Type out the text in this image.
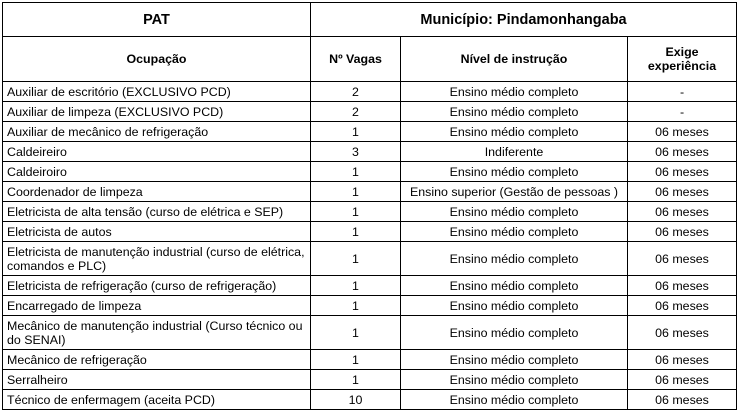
PAT	Município: Pindamonhangaba		
Ocupação	Nº Vagas	Nível de instrução	Exige experiência
Auxiliar de escritório (EXCLUSIVO PCD)	2	Ensino médio completo	-
Auxiliar de limpeza (EXCLUSIVO PCD)	2	Ensino médio completo	-
Auxiliar de mecânico de refrigeração	1	Ensino médio completo	06 meses
Caldeireiro	3	Indiferente	06 meses
Caldeiroiro	1	Ensino médio completo	06 meses
Coordenador de limpeza	1	Ensino superior (Gestão de pessoas )	06 meses
Eletricista de alta tensão (curso de elétrica e SEP)	1	Ensino médio completo	06 meses
Eletricista de autos	1	Ensino médio completo	06 meses
Eletricista de manutenção industrial (curso de elétrica, comandos e PLC)	1	Ensino médio completo	06 meses
Eletricista de refrigeração (curso de refrigeração)	1	Ensino médio completo	06 meses
Encarregado de limpeza	1	Ensino médio completo	06 meses
Mecânico de manutenção industrial (Curso técnico ou do SENAI)	1	Ensino médio completo	06 meses
Mecânico de refrigeração	1	Ensino médio completo	06 meses
Serralheiro	1	Ensino médio completo	06 meses
Técnico de enfermagem (aceita PCD)	10	Ensino médio completo	06 meses
